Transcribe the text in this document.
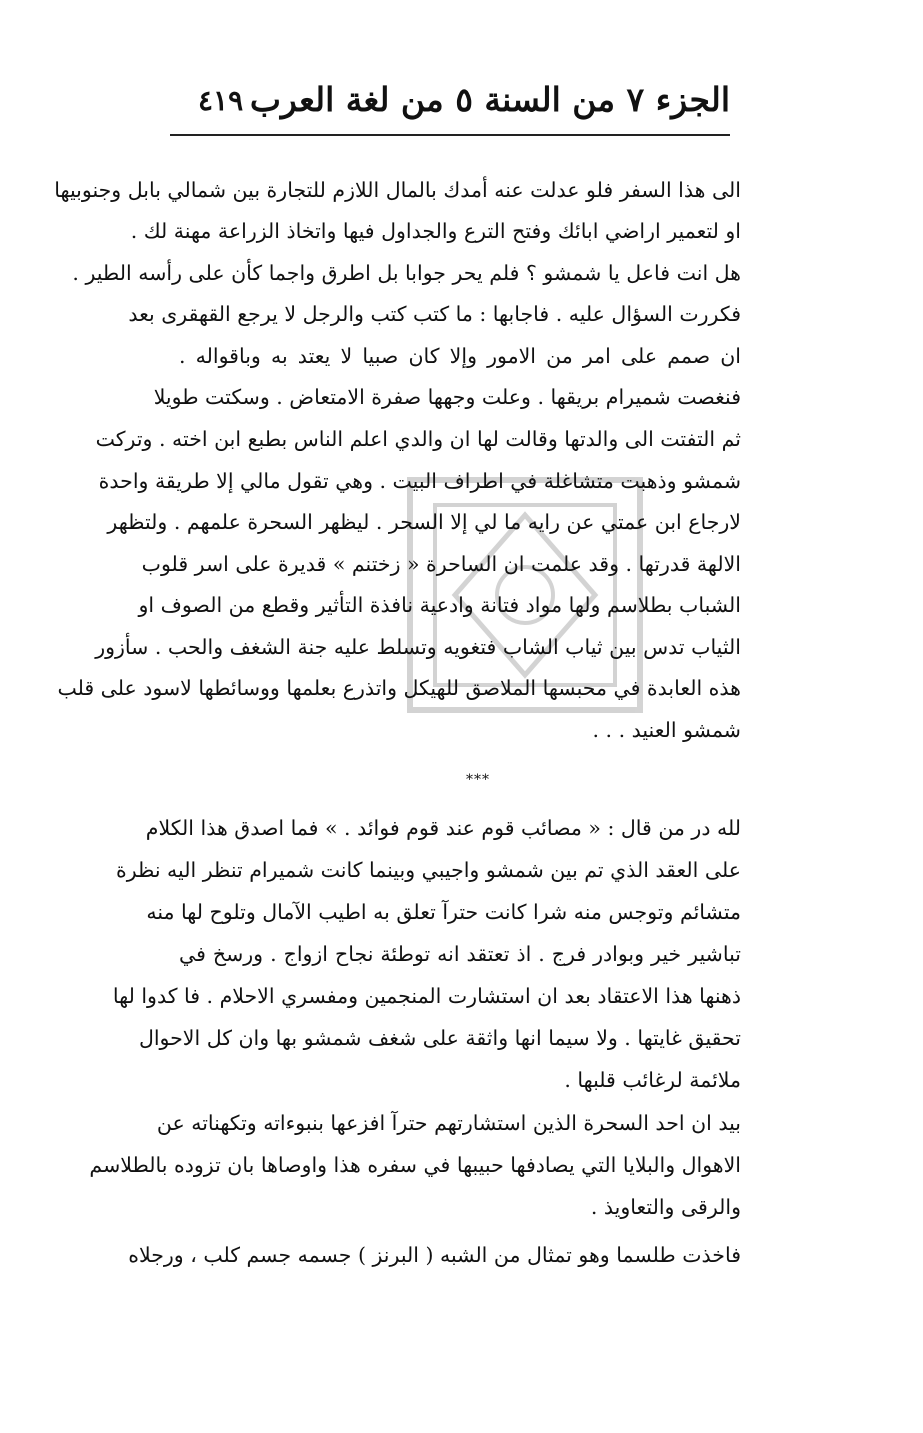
الجزء ٧ من السنة ٥ من لغة العرب
٤١٩
الى هذا السفر فلو عدلت عنه أمدك بالمال اللازم للتجارة بين شمالي بابل وجنوبيها
او لتعمير اراضي ابائك وفتح الترع والجداول فيها واتخاذ الزراعة مهنة لك .
هل انت فاعل يا شمشو ؟ فلم يحر جوابا بل اطرق واجما كأن على رأسه الطير .
فكررت السؤال عليه . فاجابها : ما كتب كتب والرجل لا يرجع القهقرى بعد
ان صمم على امر من الامور وإلا كان صبيا لا يعتد به وباقواله .
فنغصت شميرام بريقها . وعلت وجهها صفرة الامتعاض . وسكتت طويلا
ثم التفتت الى والدتها وقالت لها ان والدي اعلم الناس بطبع ابن اخته . وتركت
شمشو وذهبت متشاغلة في اطراف البيت . وهي تقول مالي إلا طريقة واحدة
لارجاع ابن عمتي عن رايه ما لي إلا السحر . ليظهر السحرة علمهم . ولتظهر
الالهة قدرتها . وقد علمت ان الساحرة « زختنم » قديرة على اسر قلوب
الشباب بطلاسم ولها مواد فتانة وادعية نافذة التأثير وقطع من الصوف او
الثياب تدس بين ثياب الشاب فتغويه وتسلط عليه جنة الشغف والحب . سأزور
هذه العابدة في محبسها الملاصق للهيكل واتذرع بعلمها ووسائطها لاسود على قلب
شمشو العنيد . . .
***
لله در من قال : « مصائب قوم عند قوم فوائد . » فما اصدق هذا الكلام
على العقد الذي تم بين شمشو واجيبي وبينما كانت شميرام تنظر اليه نظرة
متشائم وتوجس منه شرا كانت حترآ تعلق به اطيب الآمال وتلوح لها منه
تباشير خير وبوادر فرج . اذ تعتقد انه توطئة نجاح ازواج . ورسخ في
ذهنها هذا الاعتقاد بعد ان استشارت المنجمين ومفسري الاحلام . فا كدوا لها
تحقيق غايتها . ولا سيما انها واثقة على شغف شمشو بها وان كل الاحوال
ملائمة لرغائب قلبها .
بيد ان احد السحرة الذين استشارتهم حترآ افزعها بنبوءاته وتكهناته عن
الاهوال والبلايا التي يصادفها حبيبها في سفره هذا واوصاها بان تزوده بالطلاسم
والرقى والتعاويذ .
فاخذت طلسما وهو تمثال من الشبه ( البرنز ) جسمه جسم كلب ، ورجلاه
